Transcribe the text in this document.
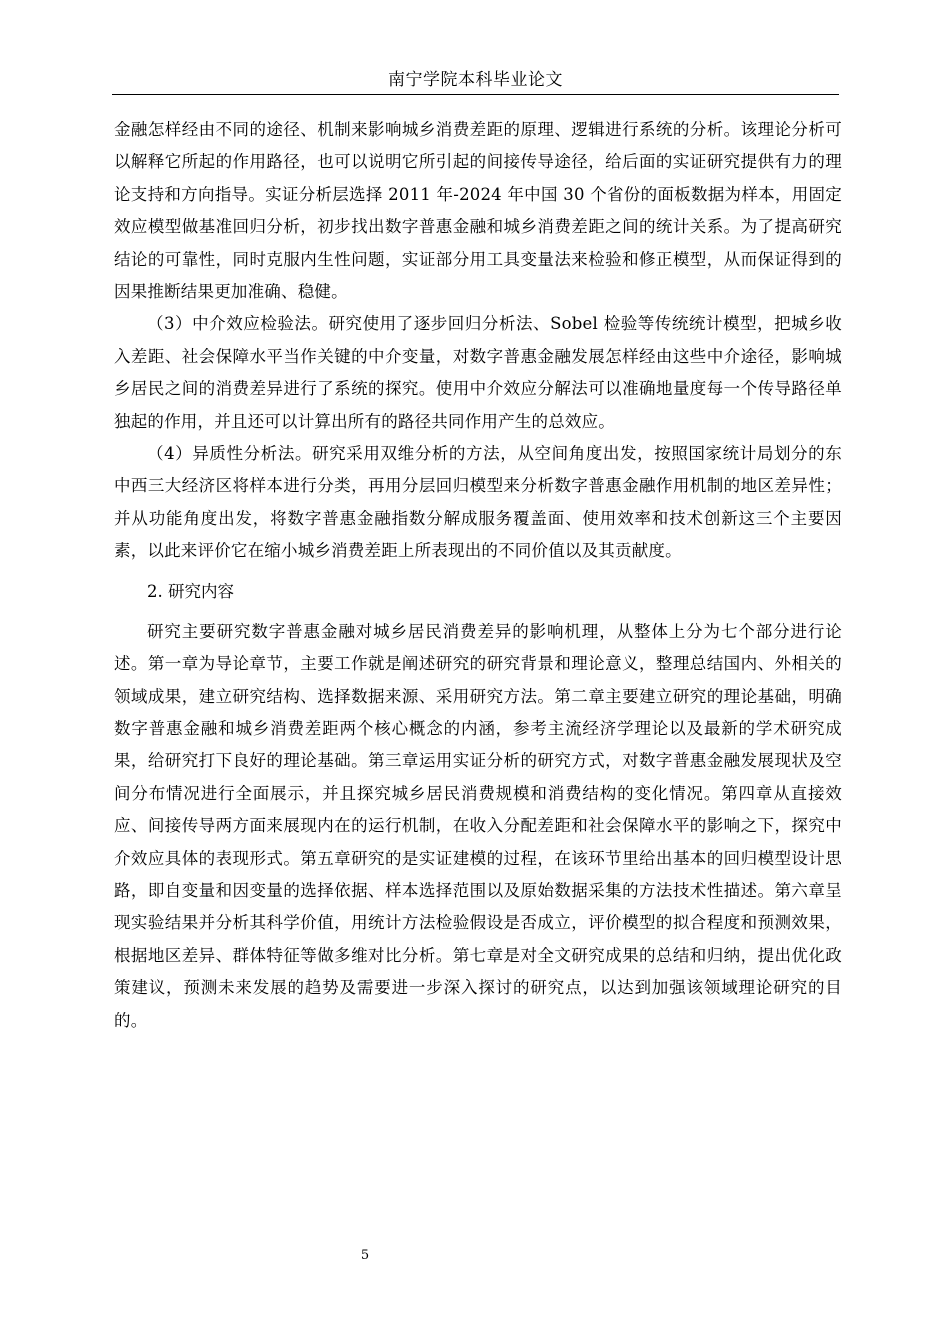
南宁学院本科毕业论文

金融怎样经由不同的途径、机制来影响城乡消费差距的原理、逻辑进行系统的分析。该理论分析可以解释它所起的作用路径，也可以说明它所引起的间接传导途径，给后面的实证研究提供有力的理论支持和方向指导。实证分析层选择 2011 年-2024 年中国 30 个省份的面板数据为样本，用固定效应模型做基准回归分析，初步找出数字普惠金融和城乡消费差距之间的统计关系。为了提高研究结论的可靠性，同时克服内生性问题，实证部分用工具变量法来检验和修正模型，从而保证得到的因果推断结果更加准确、稳健。

（3）中介效应检验法。研究使用了逐步回归分析法、Sobel 检验等传统统计模型，把城乡收入差距、社会保障水平当作关键的中介变量，对数字普惠金融发展怎样经由这些中介途径，影响城乡居民之间的消费差异进行了系统的探究。使用中介效应分解法可以准确地量度每一个传导路径单独起的作用，并且还可以计算出所有的路径共同作用产生的总效应。

（4）异质性分析法。研究采用双维分析的方法，从空间角度出发，按照国家统计局划分的东中西三大经济区将样本进行分类，再用分层回归模型来分析数字普惠金融作用机制的地区差异性；并从功能角度出发，将数字普惠金融指数分解成服务覆盖面、使用效率和技术创新这三个主要因素，以此来评价它在缩小城乡消费差距上所表现出的不同价值以及其贡献度。

2. 研究内容

研究主要研究数字普惠金融对城乡居民消费差异的影响机理，从整体上分为七个部分进行论述。第一章为导论章节，主要工作就是阐述研究的研究背景和理论意义，整理总结国内、外相关的领域成果，建立研究结构、选择数据来源、采用研究方法。第二章主要建立研究的理论基础，明确数字普惠金融和城乡消费差距两个核心概念的内涵，参考主流经济学理论以及最新的学术研究成果，给研究打下良好的理论基础。第三章运用实证分析的研究方式，对数字普惠金融发展现状及空间分布情况进行全面展示，并且探究城乡居民消费规模和消费结构的变化情况。第四章从直接效应、间接传导两方面来展现内在的运行机制，在收入分配差距和社会保障水平的影响之下，探究中介效应具体的表现形式。第五章研究的是实证建模的过程，在该环节里给出基本的回归模型设计思路，即自变量和因变量的选择依据、样本选择范围以及原始数据采集的方法技术性描述。第六章呈现实验结果并分析其科学价值，用统计方法检验假设是否成立，评价模型的拟合程度和预测效果，根据地区差异、群体特征等做多维对比分析。第七章是对全文研究成果的总结和归纳，提出优化政策建议，预测未来发展的趋势及需要进一步深入探讨的研究点，以达到加强该领域理论研究的目的。

5
